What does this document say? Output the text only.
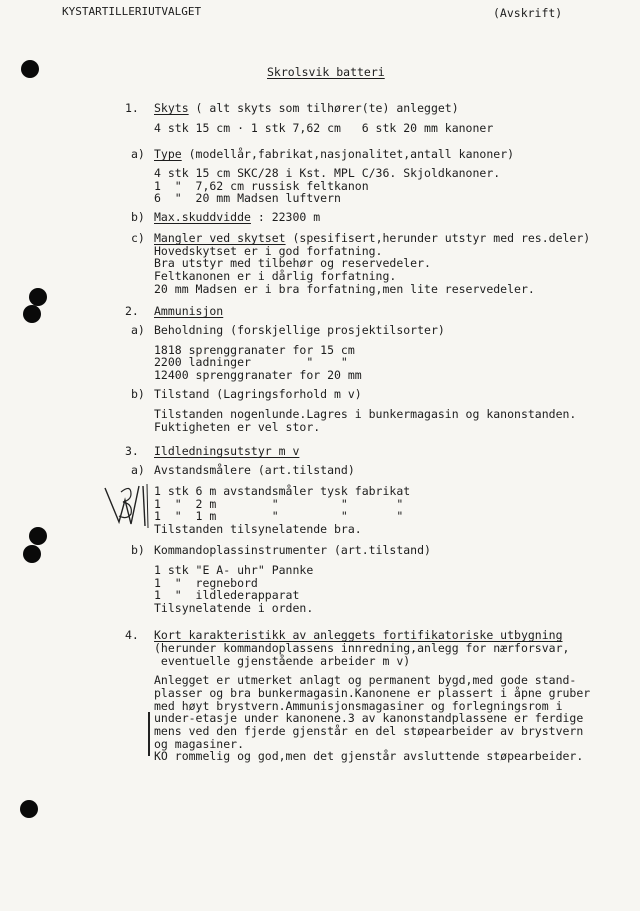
KYSTARTILLERIUTVALGET	(Avskrift)
Skrolsvik batteri
1. Skyts ( alt skyts som tilhører(te) anlegget)
4 stk 15 cm · 1 stk 7,62 cm   6 stk 20 mm kanoner
a) Type (modellår,fabrikat,nasjonalitet,antall kanoner)
4 stk 15 cm SKC/28 i Kst. MPL C/36. Skjoldkanoner.
1  "  7,62 cm russisk feltkanon
6  "  20 mm Madsen luftvern
b) Max.skuddvidde : 22300 m
c) Mangler ved skytset (spesifisert,herunder utstyr med res.deler)
Hovedskytset er i god forfatning.
Bra utstyr med tilbehør og reservedeler.
Feltkanonen er i dårlig forfatning.
20 mm Madsen er i bra forfatning,men lite reservedeler.
2. Ammunisjon
a) Beholdning (forskjellige prosjektilsorter)
1818 sprenggranater for 15 cm
2200 ladninger        "    "
12400 sprenggranater for 20 mm
b) Tilstand (Lagringsforhold m v)
Tilstanden nogenlunde.Lagres i bunkermagasin og kanonstanden.
Fuktigheten er vel stor.
3. Ildledningsutstyr m v
a) Avstandsmålere (art.tilstand)
1 stk 6 m avstandsmåler tysk fabrikat
1  "  2 m        "         "       "
1  "  1 m        "         "       "
Tilstanden tilsynelatende bra.
b) Kommandoplassinstrumenter (art.tilstand)
1 stk "E A- uhr" Pannke
1  "  regnebord
1  "  ildlederapparat
Tilsynelatende i orden.
4. Kort karakteristikk av anleggets fortifikatoriske utbygning
(herunder kommandoplassens innredning,anlegg for nærforsvar,
eventuelle gjenstående arbeider m v)
Anlegget er utmerket anlagt og permanent bygd,med gode stand-
plasser og bra bunkermagasin.Kanonene er plassert i åpne gruber
med høyt brystvern.Ammunisjonsmagasiner og forlegningsrom i
under-etasje under kanonene.3 av kanonstandplassene er ferdige
mens ved den fjerde gjenstår en del støpearbeider av brystvern
og magasiner.
KO rommelig og god,men det gjenstår avsluttende støpearbeider.
